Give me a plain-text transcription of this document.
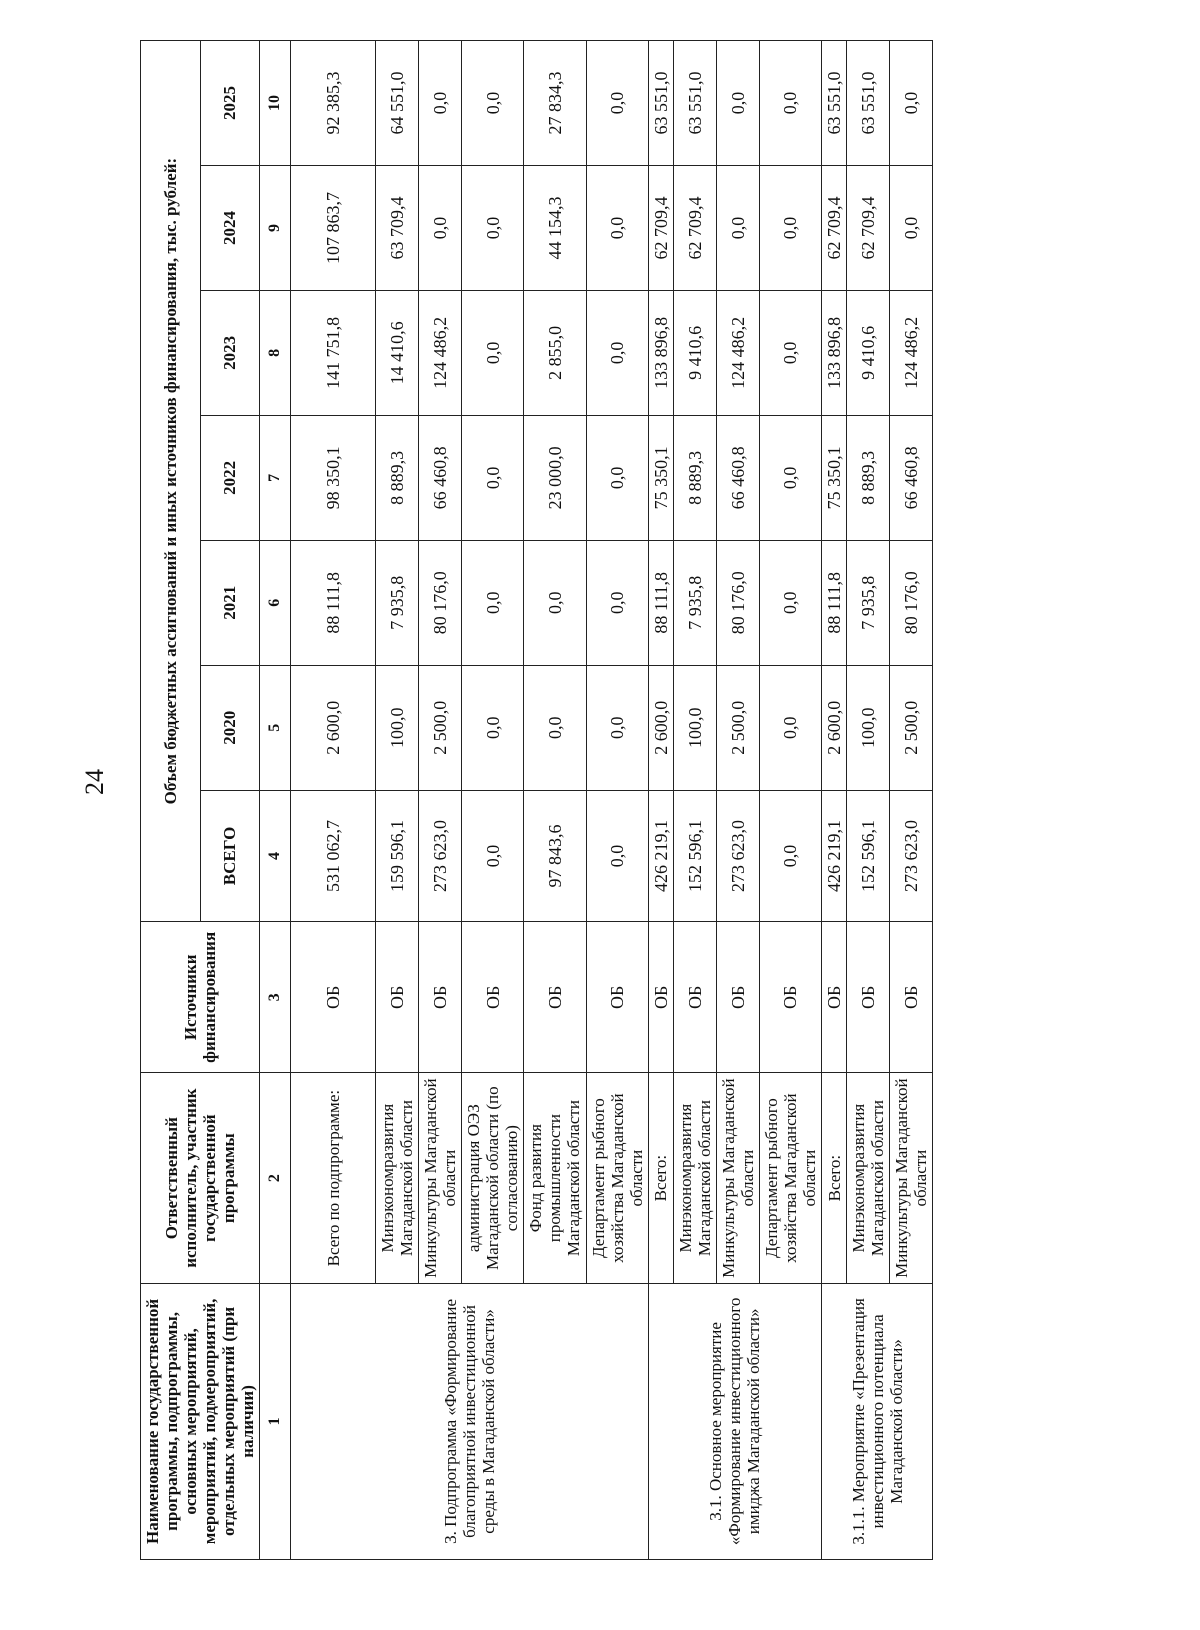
24
Наименование государственной программы, подпрограммы, основных мероприятий, мероприятий, подмероприятий, отдельных мероприятий (при наличии)	Ответственный исполнитель, участник государственной программы	Источники финансирования	Объем бюджетных ассигнований и иных источников финансирования, тыс. рублей:						
			ВСЕГО	2020	2021	2022	2023	2024	2025
1	2	3	4	5	6	7	8	9	10
3. Подпрограмма «Формирование благоприятной инвестиционной среды в Магаданской области»	Всего по подпрограмме:	ОБ	531 062,7	2 600,0	88 111,8	98 350,1	141 751,8	107 863,7	92 385,3
	Минэкономразвития Магаданской области	ОБ	159 596,1	100,0	7 935,8	8 889,3	14 410,6	63 709,4	64 551,0
	Минкультуры Магаданской области	ОБ	273 623,0	2 500,0	80 176,0	66 460,8	124 486,2	0,0	0,0
	администрация ОЭЗ Магаданской области (по согласованию)	ОБ	0,0	0,0	0,0	0,0	0,0	0,0	0,0
	Фонд развития промышленности Магаданской области	ОБ	97 843,6	0,0	0,0	23 000,0	2 855,0	44 154,3	27 834,3
	Департамент рыбного хозяйства Магаданской области	ОБ	0,0	0,0	0,0	0,0	0,0	0,0	0,0
3.1. Основное мероприятие «Формирование инвестиционного имиджа Магаданской области»	Всего:	ОБ	426 219,1	2 600,0	88 111,8	75 350,1	133 896,8	62 709,4	63 551,0
	Минэкономразвития Магаданской области	ОБ	152 596,1	100,0	7 935,8	8 889,3	9 410,6	62 709,4	63 551,0
	Минкультуры Магаданской области	ОБ	273 623,0	2 500,0	80 176,0	66 460,8	124 486,2	0,0	0,0
	Департамент рыбного хозяйства Магаданской области	ОБ	0,0	0,0	0,0	0,0	0,0	0,0	0,0
3.1.1. Мероприятие «Презентация инвестиционного потенциала Магаданской области»	Всего:	ОБ	426 219,1	2 600,0	88 111,8	75 350,1	133 896,8	62 709,4	63 551,0
	Минэкономразвития Магаданской области	ОБ	152 596,1	100,0	7 935,8	8 889,3	9 410,6	62 709,4	63 551,0
	Минкультуры Магаданской области	ОБ	273 623,0	2 500,0	80 176,0	66 460,8	124 486,2	0,0	0,0
